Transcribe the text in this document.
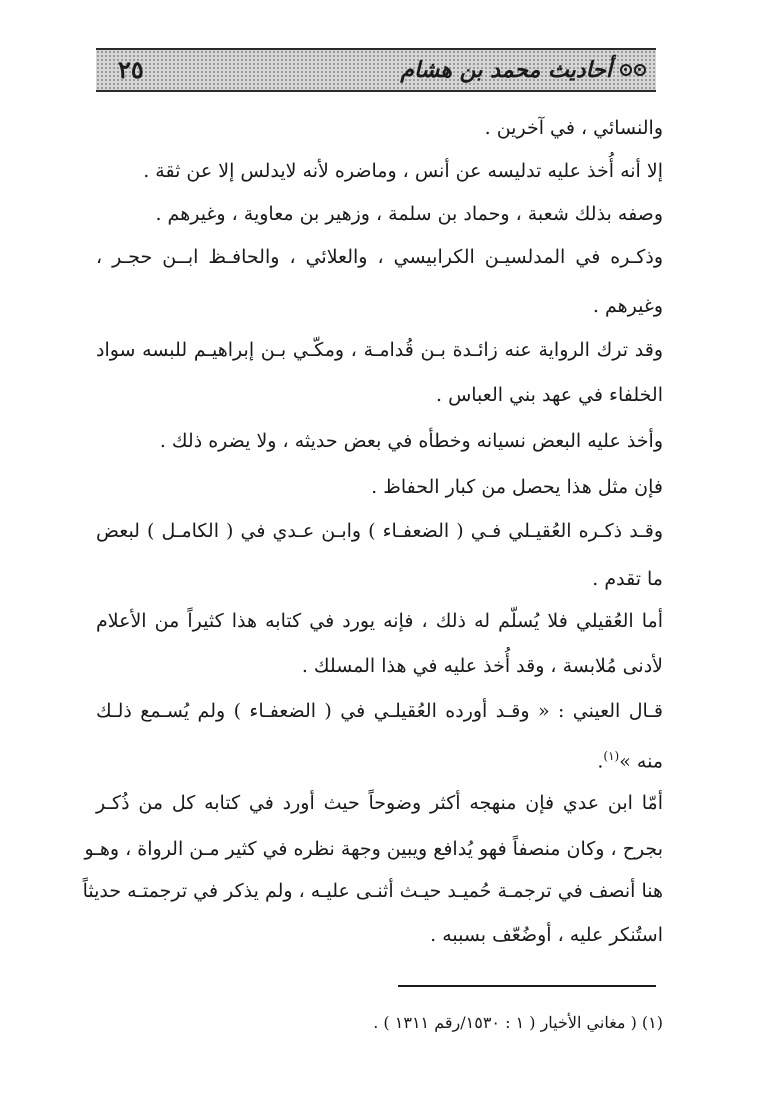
٢٥	أحاديث محمد بن هشام
والنسائي ، في آخرين .
إلا أنه أُخذ عليه تدليسه عن أنس ، وماضره لأنه لايدلس إلا عن ثقة .
وصفه بذلك شعبة ، وحماد بن سلمة ، وزهير بن معاوية ، وغيرهم .
وذكـره في المدلسيـن الكرابيسي ، والعلائي ، والحافـظ ابــن حجـر ،
وغيرهم .
وقد ترك الرواية عنه زائـدة بـن قُدامـة ، ومكّـي بـن إبراهيـم للبسه سواد
الخلفاء في عهد بني العباس .
وأخذ عليه البعض نسيانه وخطأه في بعض حديثه ، ولا يضره ذلك .
فإن مثل هذا يحصل من كبار الحفاظ .
وقـد ذكـره العُقيـلي فـي ( الضعفـاء ) وابـن عـدي في ( الكامـل ) لبعض
ما تقدم .
أما العُقيلي فلا يُسلّم له ذلك ، فإنه يورد في كتابه هذا كثيراً من الأعلام
لأدنى مُلابسة ، وقد أُخذ عليه في هذا المسلك .
قـال العيني : « وقـد أورده العُقيلـي في ( الضعفـاء ) ولم يُسـمع ذلـك
منه »$^{(١)}$.
أمّا ابن عدي فإن منهجه أكثر وضوحاً حيث أورد في كتابه كل من ذُكـر
بجرح ، وكان منصفاً فهو يُدافع ويبين وجهة نظره في كثير مـن الرواة ، وهـو
هنا أنصف في ترجمـة حُميـد حيـث أثنـى عليـه ، ولم يذكر في ترجمتـه حديثاً
استُنكر عليه ، أوضُعّف بسببه .
(١) ( مغاني الأخيار ( ١ : ١٥٣٠/رقم ١٣١١ ) .
